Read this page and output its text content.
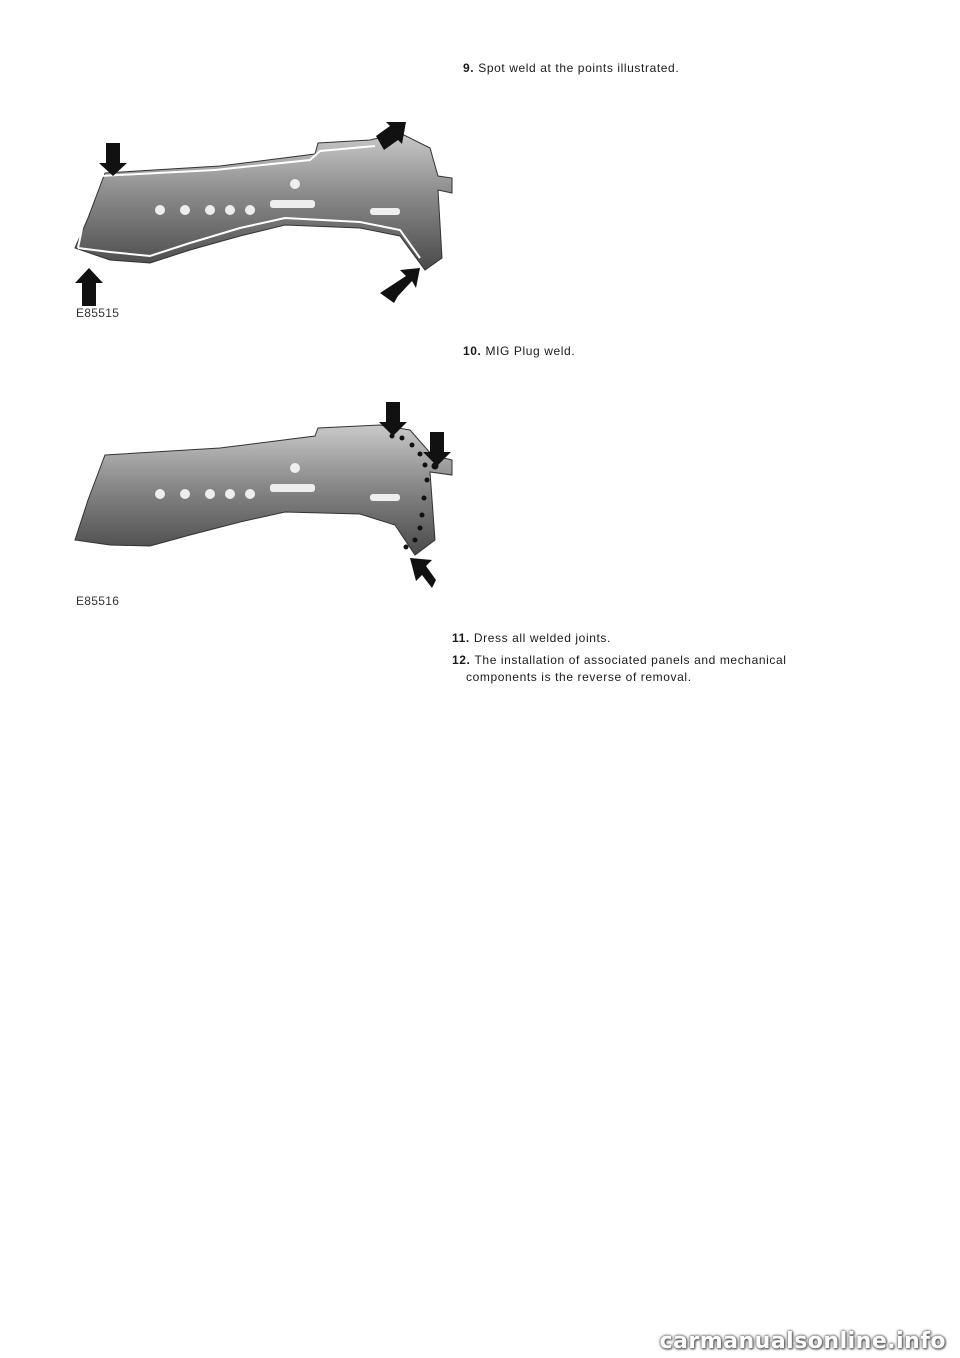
9. Spot weld at the points illustrated.
E85515
10. MIG Plug weld.
E85516
11. Dress all welded joints.
12. The installation of associated panels and mechanical
components is the reverse of removal.
carmanualsonline.info
